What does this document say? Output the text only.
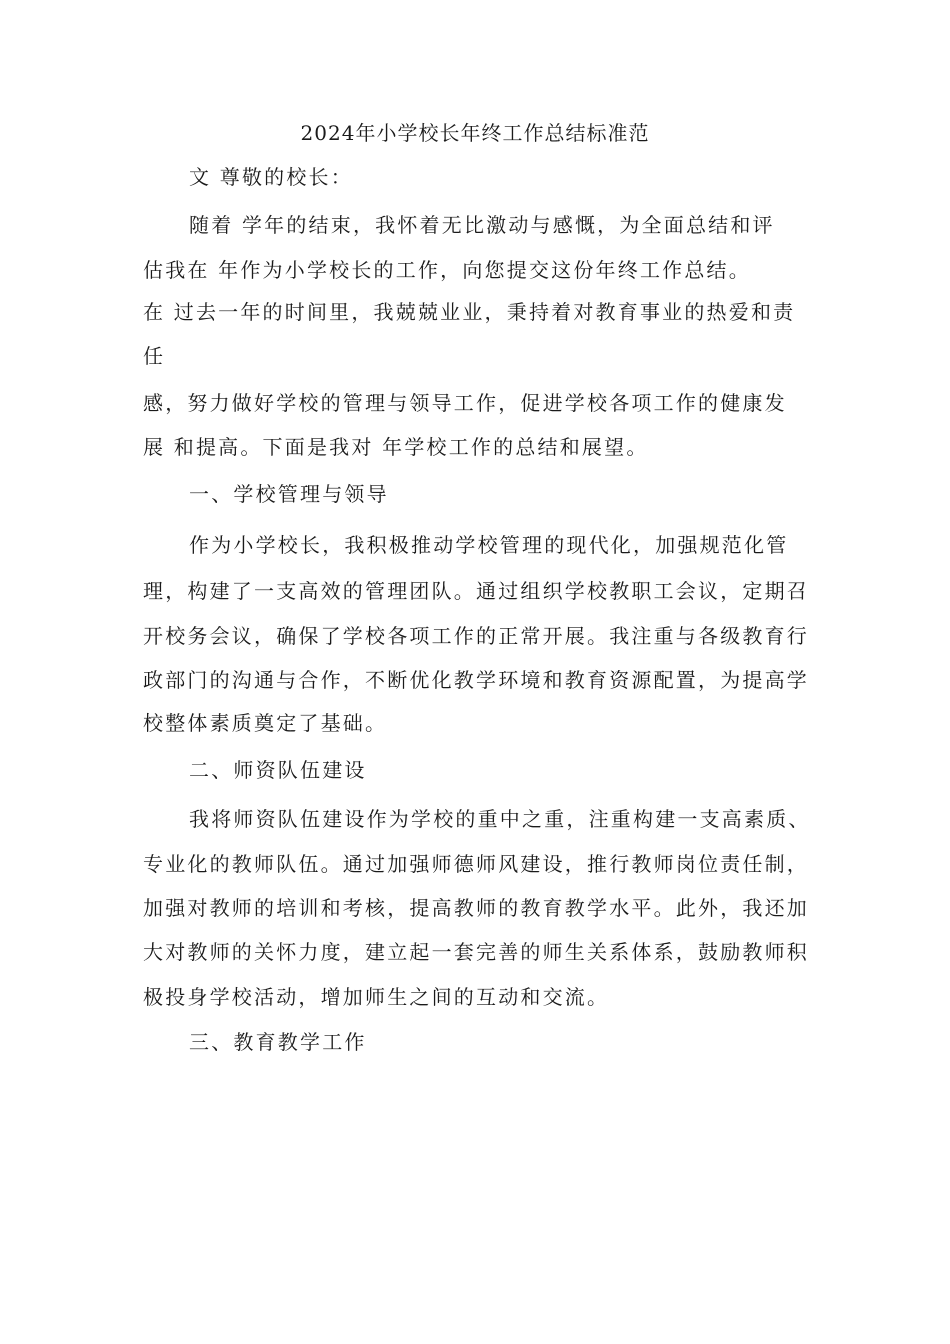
2024年小学校长年终工作总结标准范
文 尊敬的校长：
随着 学年的结束，我怀着无比激动与感慨，为全面总结和评
估我在 年作为小学校长的工作，向您提交这份年终工作总结。
在 过去一年的时间里，我兢兢业业，秉持着对教育事业的热爱和责
任
感，努力做好学校的管理与领导工作，促进学校各项工作的健康发
展 和提高。下面是我对 年学校工作的总结和展望。
一、学校管理与领导
作为小学校长，我积极推动学校管理的现代化，加强规范化管
理，构建了一支高效的管理团队。通过组织学校教职工会议，定期召
开校务会议，确保了学校各项工作的正常开展。我注重与各级教育行
政部门的沟通与合作，不断优化教学环境和教育资源配置，为提高学
校整体素质奠定了基础。
二、师资队伍建设
我将师资队伍建设作为学校的重中之重，注重构建一支高素质、
专业化的教师队伍。通过加强师德师风建设，推行教师岗位责任制，
加强对教师的培训和考核，提高教师的教育教学水平。此外，我还加
大对教师的关怀力度，建立起一套完善的师生关系体系，鼓励教师积
极投身学校活动，增加师生之间的互动和交流。
三、教育教学工作
